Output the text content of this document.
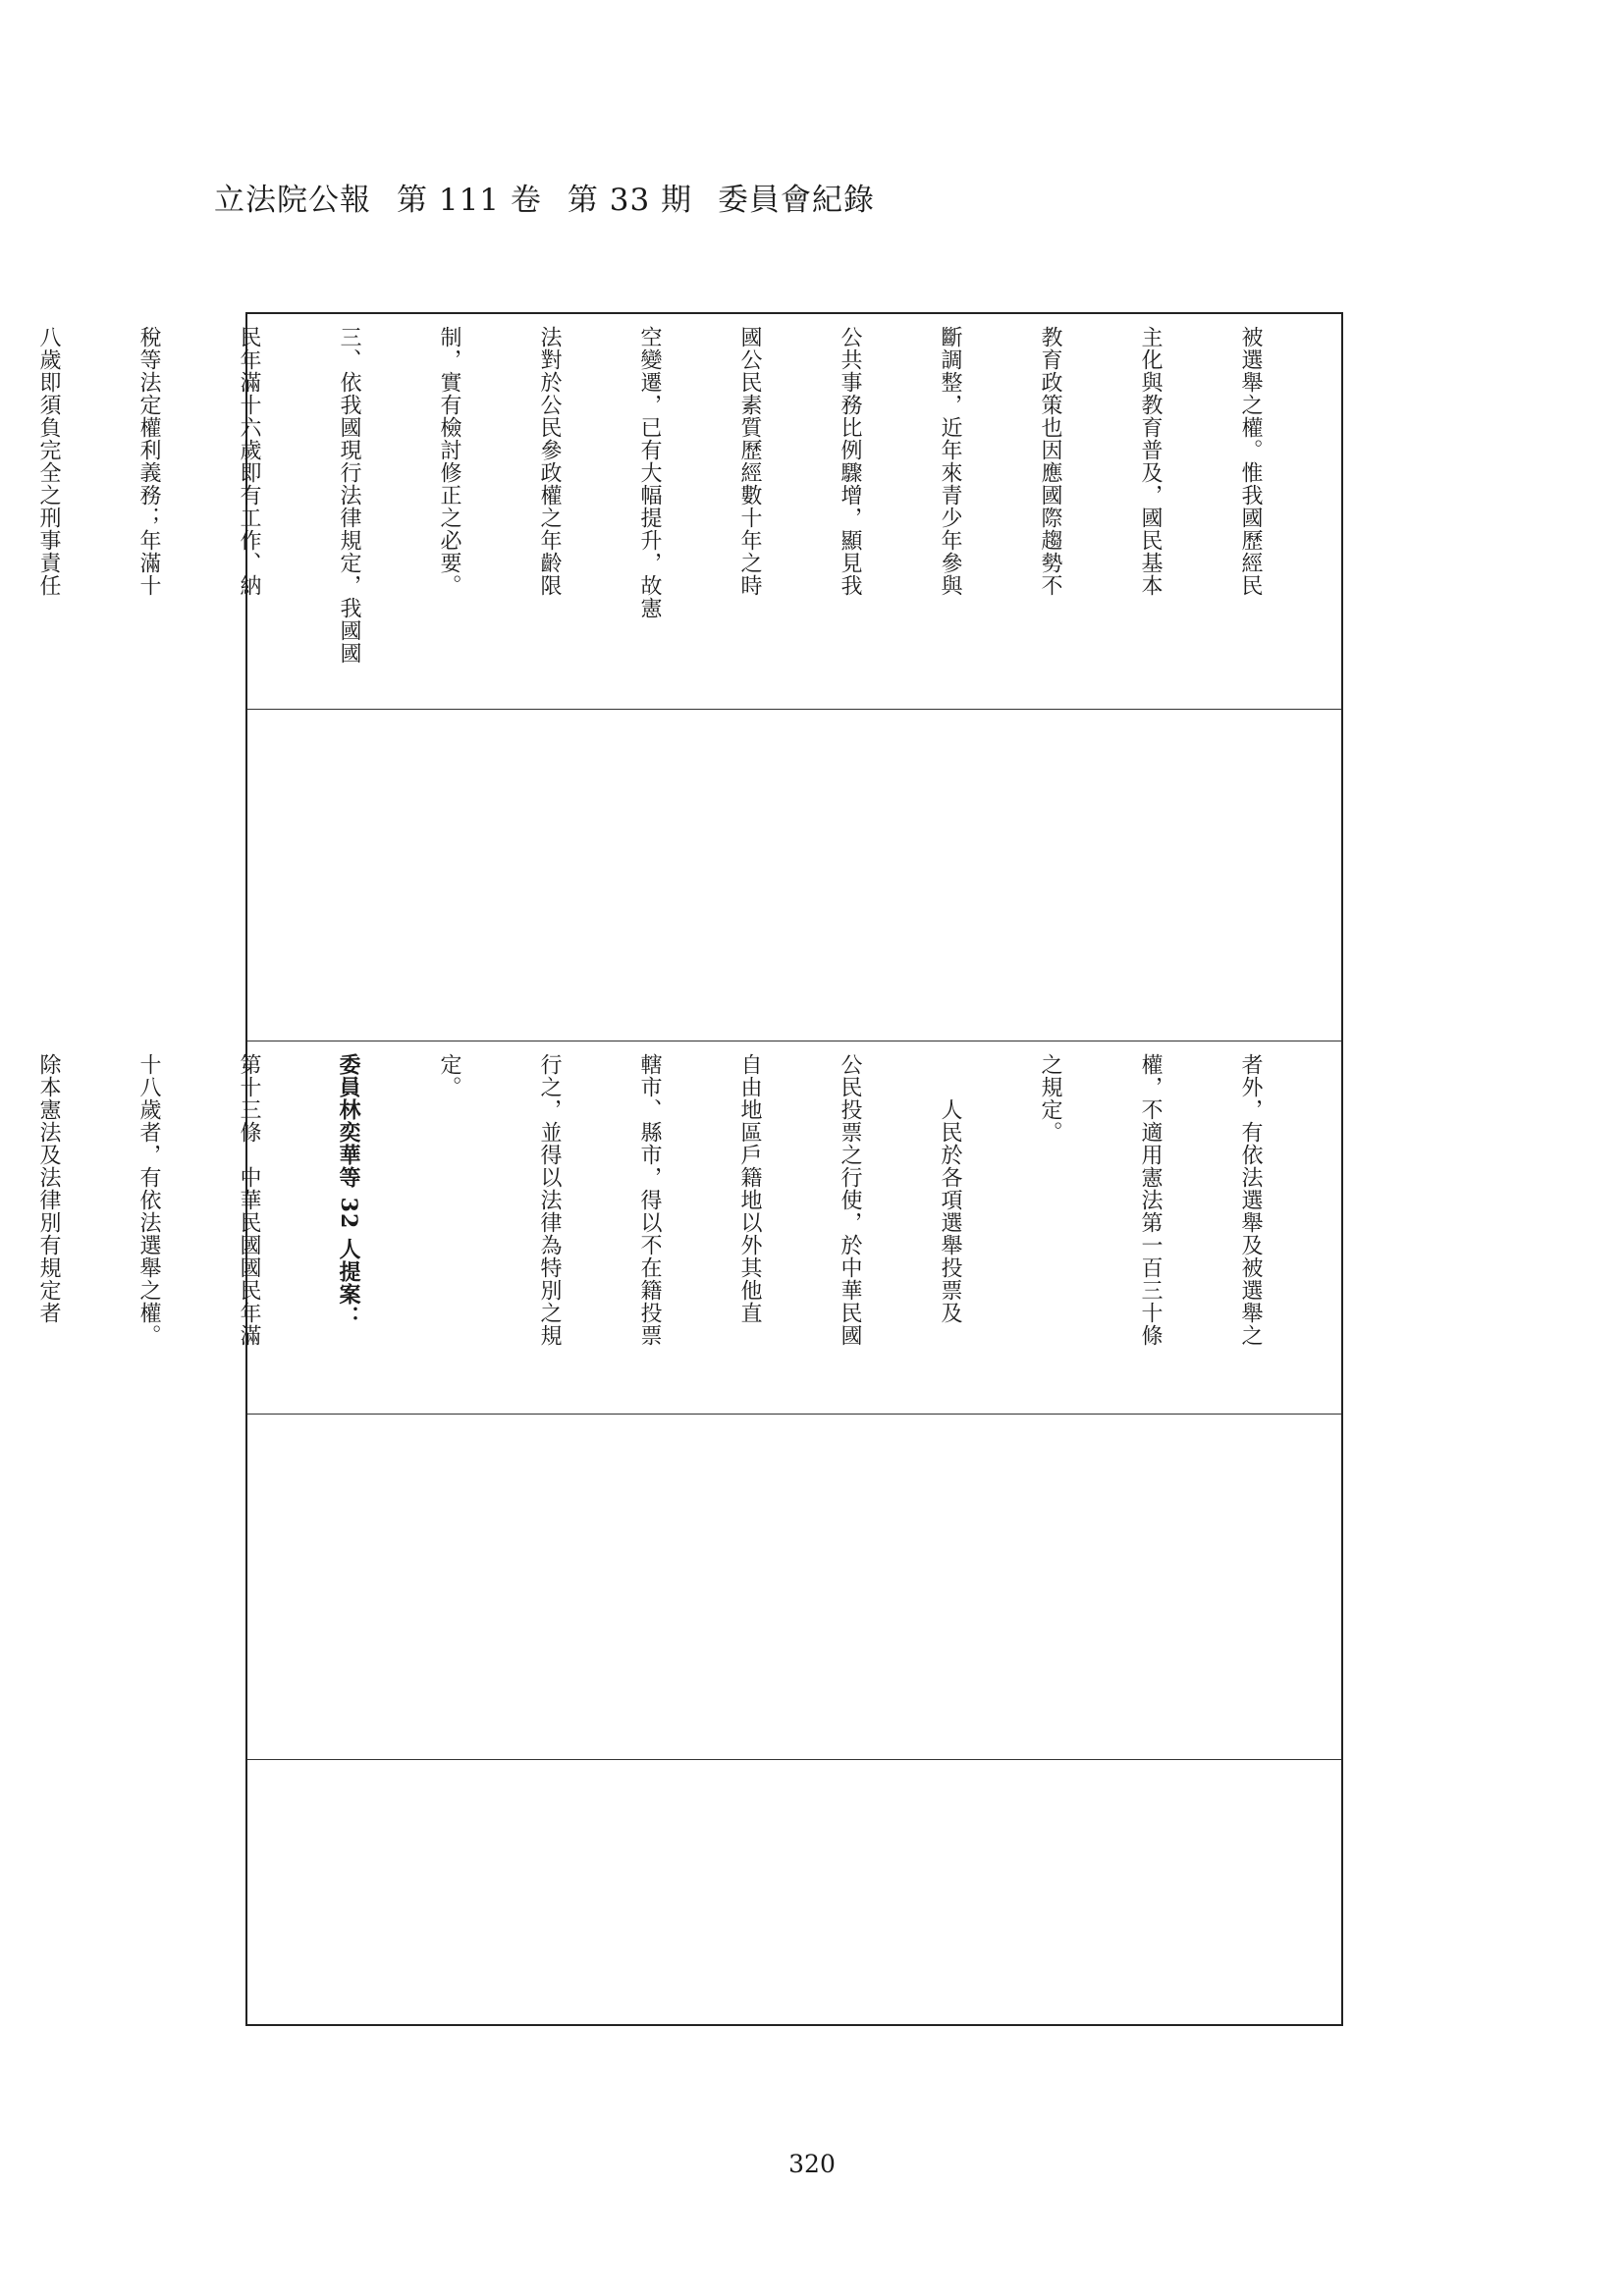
立法院公報 第 111 卷 第 33 期 委員會紀錄

被選舉之權。惟我國歷經民

主化與教育普及，國民基本

教育政策也因應國際趨勢不

斷調整，近年來青少年參與

公共事務比例驟增，顯見我

國公民素質歷經數十年之時

空變遷，已有大幅提升，故憲

法對於公民參政權之年齡限

制，實有檢討修正之必要。

三、依我國現行法律規定，我國國

民年滿十六歲即有工作、納

稅等法定權利義務；年滿十

八歲即須負完全之刑事責任

者外，有依法選舉及被選舉之

權，不適用憲法第一百三十條

之規定。

　　人民於各項選舉投票及

公民投票之行使，於中華民國

自由地區戶籍地以外其他直

轄市、縣市，得以不在籍投票

行之，並得以法律為特別之規

定。

委員林奕華等 32 人提案：

第十三條　中華民國國民年滿

十八歲者，有依法選舉之權。

除本憲法及法律別有規定者

320
